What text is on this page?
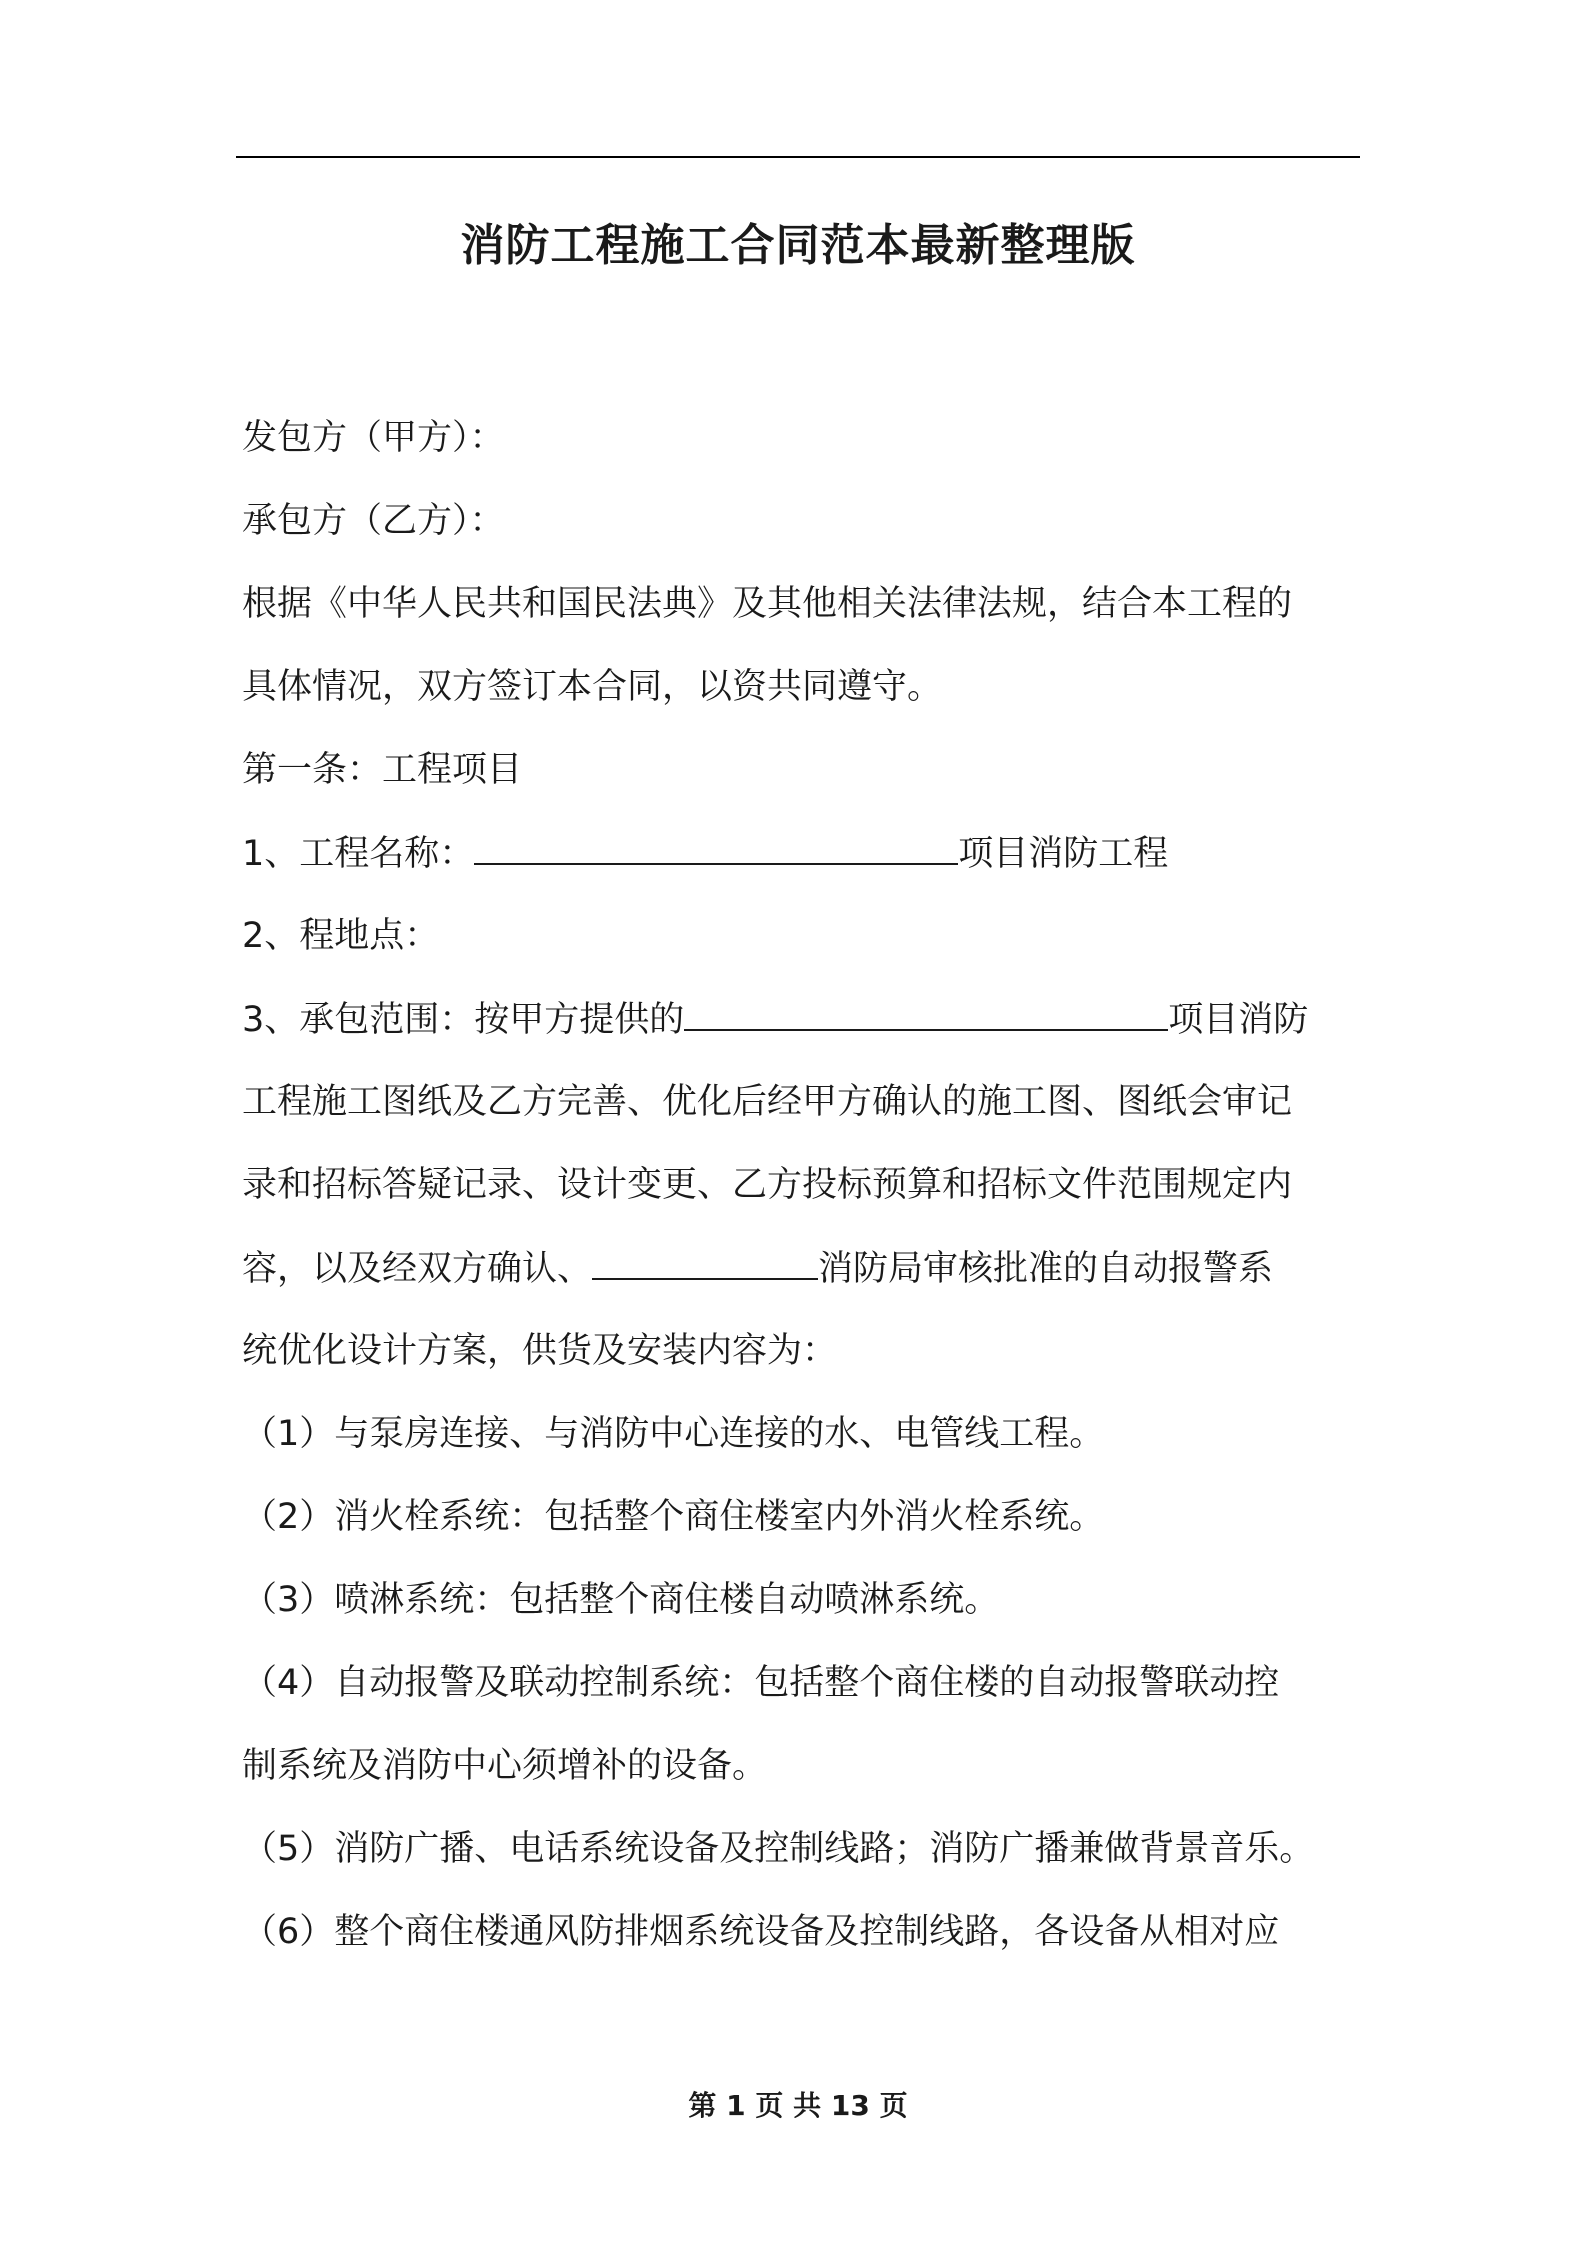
消防工程施工合同范本最新整理版
发包方（甲方）：
承包方（乙方）：
根据《中华人民共和国民法典》及其他相关法律法规，结合本工程的
具体情况，双方签订本合同，以资共同遵守。
第一条：工程项目
1、工程名称：	项目消防工程
2、程地点：
3、承包范围：按甲方提供的	项目消防
工程施工图纸及乙方完善、优化后经甲方确认的施工图、图纸会审记
录和招标答疑记录、设计变更、乙方投标预算和招标文件范围规定内
容，以及经双方确认、	消防局审核批准的自动报警系
统优化设计方案，供货及安装内容为：
（1）与泵房连接、与消防中心连接的水、电管线工程。
（2）消火栓系统：包括整个商住楼室内外消火栓系统。
（3）喷淋系统：包括整个商住楼自动喷淋系统。
（4）自动报警及联动控制系统：包括整个商住楼的自动报警联动控
制系统及消防中心须增补的设备。
（5）消防广播、电话系统设备及控制线路；消防广播兼做背景音乐。
（6）整个商住楼通风防排烟系统设备及控制线路，各设备从相对应
第 1 页 共 13 页
